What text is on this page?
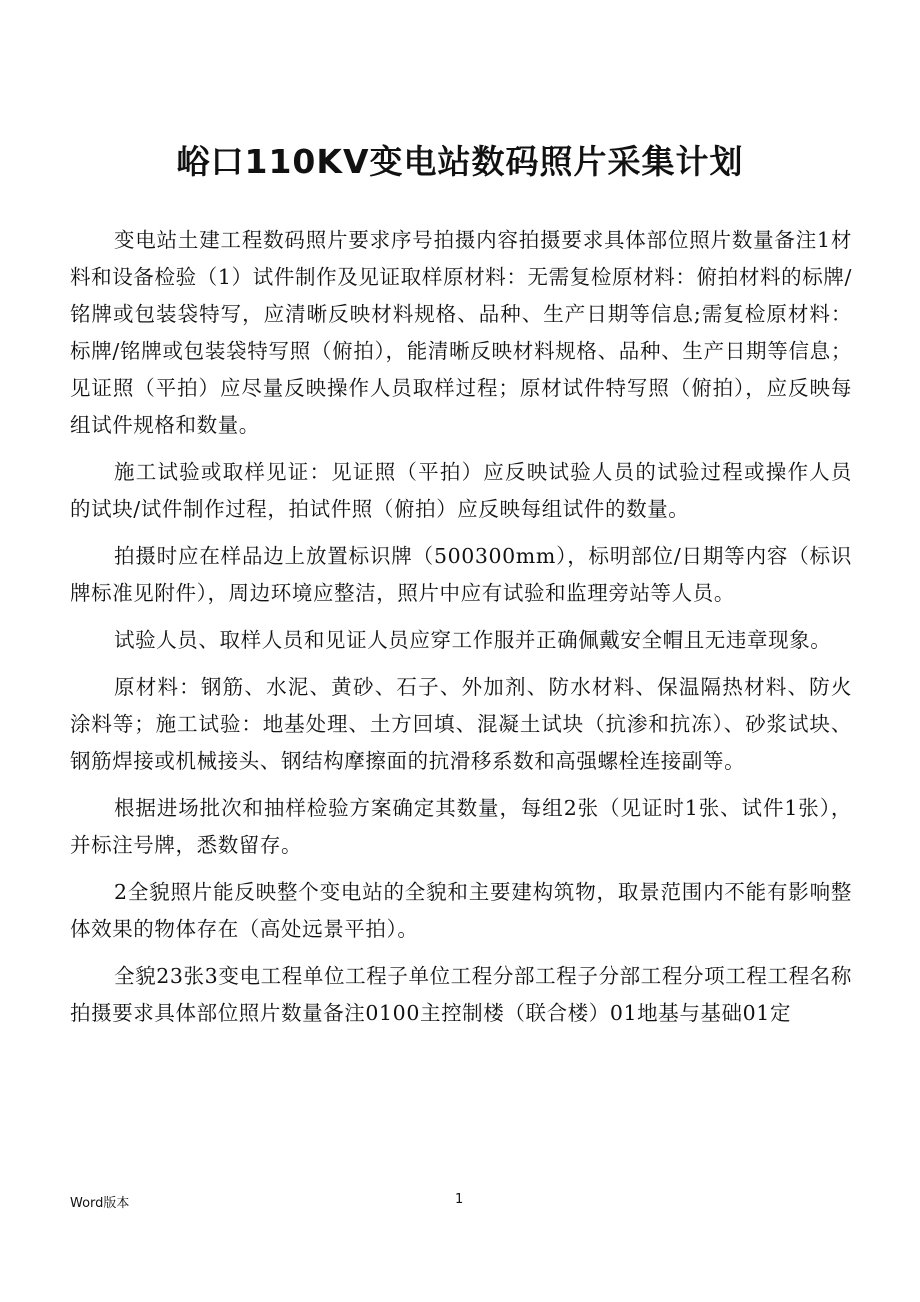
峪口110KV变电站数码照片采集计划

变电站土建工程数码照片要求序号拍摄内容拍摄要求具体部位照片数量备注1材料和设备检验（1）试件制作及见证取样原材料：无需复检原材料：俯拍材料的标牌/铭牌或包装袋特写，应清晰反映材料规格、品种、生产日期等信息;需复检原材料：标牌/铭牌或包装袋特写照（俯拍），能清晰反映材料规格、品种、生产日期等信息；见证照（平拍）应尽量反映操作人员取样过程；原材试件特写照（俯拍），应反映每组试件规格和数量。

施工试验或取样见证：见证照（平拍）应反映试验人员的试验过程或操作人员的试块/试件制作过程，拍试件照（俯拍）应反映每组试件的数量。

拍摄时应在样品边上放置标识牌（500300mm），标明部位/日期等内容（标识牌标准见附件），周边环境应整洁，照片中应有试验和监理旁站等人员。

试验人员、取样人员和见证人员应穿工作服并正确佩戴安全帽且无违章现象。

原材料：钢筋、水泥、黄砂、石子、外加剂、防水材料、保温隔热材料、防火涂料等；施工试验：地基处理、土方回填、混凝土试块（抗渗和抗冻）、砂浆试块、钢筋焊接或机械接头、钢结构摩擦面的抗滑移系数和高强螺栓连接副等。

根据进场批次和抽样检验方案确定其数量，每组2张（见证时1张、试件1张），并标注号牌，悉数留存。

2全貌照片能反映整个变电站的全貌和主要建构筑物，取景范围内不能有影响整体效果的物体存在（高处远景平拍）。

全貌23张3变电工程单位工程子单位工程分部工程子分部工程分项工程工程名称拍摄要求具体部位照片数量备注0100主控制楼（联合楼）01地基与基础01定

Word版本	1
